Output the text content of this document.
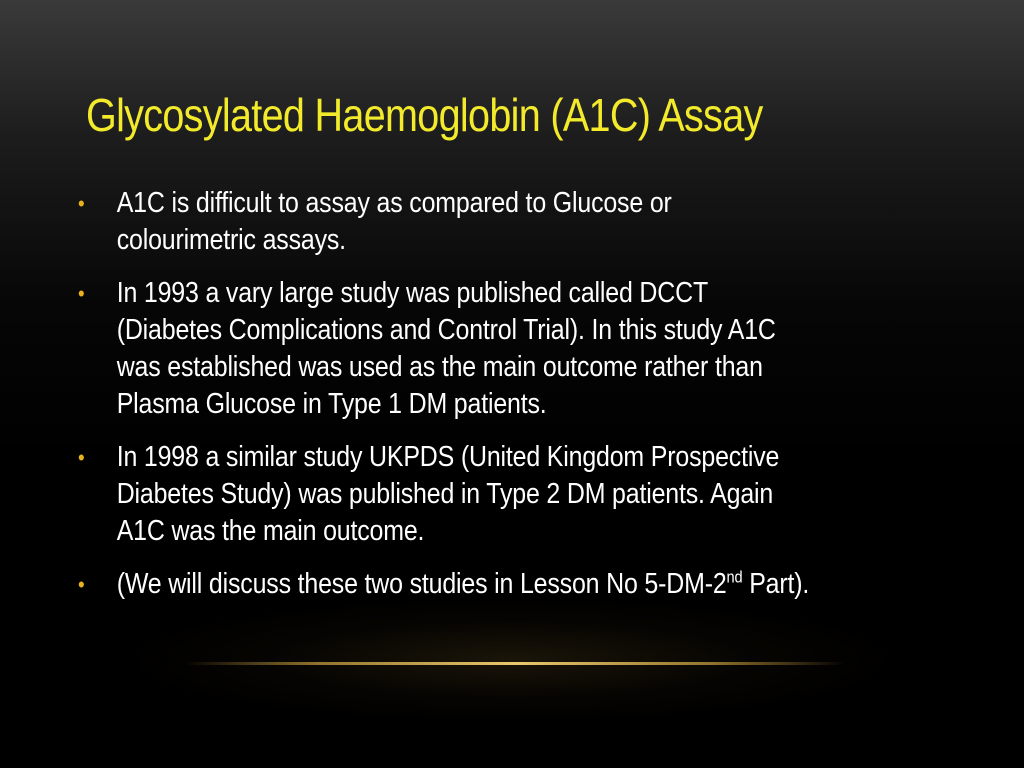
Glycosylated Haemoglobin (A1C) Assay
• A1C is difficult to assay as compared to Glucose or
colourimetric assays.
• In 1993 a vary large study was published called DCCT
(Diabetes Complications and Control Trial). In this study A1C
was established was used as the main outcome rather than
Plasma Glucose in Type 1 DM patients.
• In 1998 a similar study UKPDS (United Kingdom Prospective
Diabetes Study) was published in Type 2 DM patients. Again
A1C was the main outcome.
• (We will discuss these two studies in Lesson No 5-DM-2nd Part).
